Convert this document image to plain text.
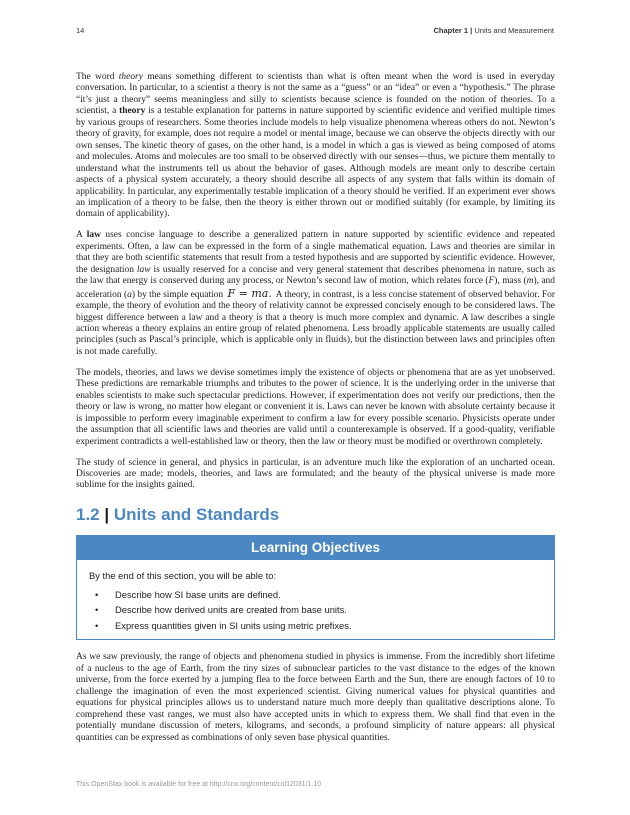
14	Chapter 1 | Units and Measurement

The word theory means something different to scientists than what is often meant when the word is used in everyday conversation. In particular, to a scientist a theory is not the same as a “guess” or an “idea” or even a “hypothesis.” The phrase “it’s just a theory” seems meaningless and silly to scientists because science is founded on the notion of theories. To a scientist, a theory is a testable explanation for patterns in nature supported by scientific evidence and verified multiple times by various groups of researchers. Some theories include models to help visualize phenomena whereas others do not. Newton’s theory of gravity, for example, does not require a model or mental image, because we can observe the objects directly with our own senses. The kinetic theory of gases, on the other hand, is a model in which a gas is viewed as being composed of atoms and molecules. Atoms and molecules are too small to be observed directly with our senses—thus, we picture them mentally to understand what the instruments tell us about the behavior of gases. Although models are meant only to describe certain aspects of a physical system accurately, a theory should describe all aspects of any system that falls within its domain of applicability. In particular, any experimentally testable implication of a theory should be verified. If an experiment ever shows an implication of a theory to be false, then the theory is either thrown out or modified suitably (for example, by limiting its domain of applicability).

A law uses concise language to describe a generalized pattern in nature supported by scientific evidence and repeated experiments. Often, a law can be expressed in the form of a single mathematical equation. Laws and theories are similar in that they are both scientific statements that result from a tested hypothesis and are supported by scientific evidence. However, the designation law is usually reserved for a concise and very general statement that describes phenomena in nature, such as the law that energy is conserved during any process, or Newton’s second law of motion, which relates force (F), mass (m), and acceleration (a) by the simple equation F = ma. A theory, in contrast, is a less concise statement of observed behavior. For example, the theory of evolution and the theory of relativity cannot be expressed concisely enough to be considered laws. The biggest difference between a law and a theory is that a theory is much more complex and dynamic. A law describes a single action whereas a theory explains an entire group of related phenomena. Less broadly applicable statements are usually called principles (such as Pascal’s principle, which is applicable only in fluids), but the distinction between laws and principles often is not made carefully.

The models, theories, and laws we devise sometimes imply the existence of objects or phenomena that are as yet unobserved. These predictions are remarkable triumphs and tributes to the power of science. It is the underlying order in the universe that enables scientists to make such spectacular predictions. However, if experimentation does not verify our predictions, then the theory or law is wrong, no matter how elegant or convenient it is. Laws can never be known with absolute certainty because it is impossible to perform every imaginable experiment to confirm a law for every possible scenario. Physicists operate under the assumption that all scientific laws and theories are valid until a counterexample is observed. If a good-quality, verifiable experiment contradicts a well-established law or theory, then the law or theory must be modified or overthrown completely.

The study of science in general, and physics in particular, is an adventure much like the exploration of an uncharted ocean. Discoveries are made; models, theories, and laws are formulated; and the beauty of the physical universe is made more sublime for the insights gained.

1.2 | Units and Standards
Learning Objectives
By the end of this section, you will be able to:
• Describe how SI base units are defined.
• Describe how derived units are created from base units.
• Express quantities given in SI units using metric prefixes.

As we saw previously, the range of objects and phenomena studied in physics is immense. From the incredibly short lifetime of a nucleus to the age of Earth, from the tiny sizes of subnuclear particles to the vast distance to the edges of the known universe, from the force exerted by a jumping flea to the force between Earth and the Sun, there are enough factors of 10 to challenge the imagination of even the most experienced scientist. Giving numerical values for physical quantities and equations for physical principles allows us to understand nature much more deeply than qualitative descriptions alone. To comprehend these vast ranges, we must also have accepted units in which to express them. We shall find that even in the potentially mundane discussion of meters, kilograms, and seconds, a profound simplicity of nature appears: all physical quantities can be expressed as combinations of only seven base physical quantities.

This OpenStax book is available for free at http://cnx.org/content/col12031/1.10
